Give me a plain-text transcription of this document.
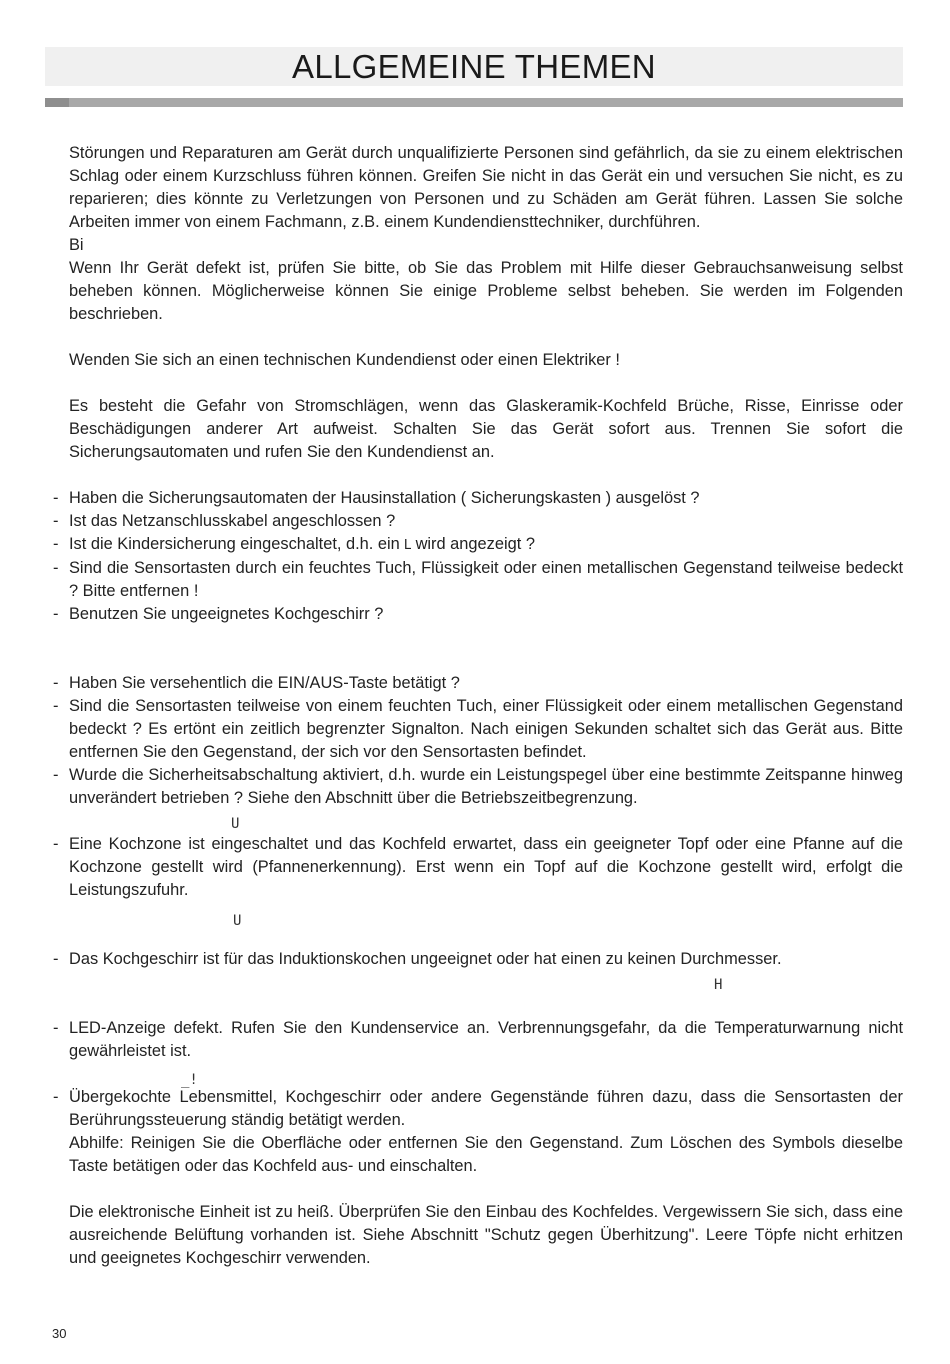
ALLGEMEINE THEMEN

Störungen und Reparaturen am Gerät durch unqualifizierte Personen sind gefährlich, da sie zu einem elektrischen Schlag oder einem Kurzschluss führen können. Greifen Sie nicht in das Gerät ein und versuchen Sie nicht, es zu reparieren; dies könnte zu Verletzungen von Personen und zu Schäden am Gerät führen. Lassen Sie solche Arbeiten immer von einem Fachmann, z.B. einem Kundendiensttechniker, durchführen.

Bi

Wenn Ihr Gerät defekt ist, prüfen Sie bitte, ob Sie das Problem mit Hilfe dieser Gebrauchsanweisung selbst beheben können. Möglicherweise können Sie einige Probleme selbst beheben. Sie werden im Folgenden beschrieben.

Wenden Sie sich an einen technischen Kundendienst oder einen Elektriker !

Es besteht die Gefahr von Stromschlägen, wenn das Glaskeramik-Kochfeld Brüche, Risse, Einrisse oder Beschädigungen anderer Art aufweist. Schalten Sie das Gerät sofort aus. Trennen Sie sofort die Sicherungsautomaten und rufen Sie den Kundendienst an.

- Haben die Sicherungsautomaten der Hausinstallation ( Sicherungskasten ) ausgelöst ?

- Ist das Netzanschlusskabel angeschlossen ?

- Ist die Kindersicherung eingeschaltet, d.h. ein L wird angezeigt ?

- Sind die Sensortasten durch ein feuchtes Tuch, Flüssigkeit oder einen metallischen Gegenstand teilweise bedeckt ? Bitte entfernen !

- Benutzen Sie ungeeignetes Kochgeschirr ?

- Haben Sie versehentlich die EIN/AUS-Taste betätigt ?

- Sind die Sensortasten teilweise von einem feuchten Tuch, einer Flüssigkeit oder einem metallischen Gegenstand bedeckt ? Es ertönt ein zeitlich begrenzter Signalton. Nach einigen Sekunden schaltet sich das Gerät aus. Bitte entfernen Sie den Gegenstand, der sich vor den Sensortasten befindet.

- Wurde die Sicherheitsabschaltung aktiviert, d.h. wurde ein Leistungspegel über eine bestimmte Zeitspanne hinweg unverändert betrieben ? Siehe den Abschnitt über die Betriebszeitbegrenzung.

U

- Eine Kochzone ist eingeschaltet und das Kochfeld erwartet, dass ein geeigneter Topf oder eine Pfanne auf die Kochzone gestellt wird (Pfannenerkennung). Erst wenn ein Topf auf die Kochzone gestellt wird, erfolgt die Leistungszufuhr.

U

- Das Kochgeschirr ist für das Induktionskochen ungeeignet oder hat einen zu keinen Durchmesser.

H

- LED-Anzeige defekt. Rufen Sie den Kundenservice an. Verbrennungsgefahr, da die Temperaturwarnung nicht gewährleistet ist.

_!

- Übergekochte Lebensmittel, Kochgeschirr oder andere Gegenstände führen dazu, dass die Sensortasten der Berührungssteuerung ständig betätigt werden.

Abhilfe: Reinigen Sie die Oberfläche oder entfernen Sie den Gegenstand. Zum Löschen des Symbols dieselbe Taste betätigen oder das Kochfeld aus- und einschalten.

Die elektronische Einheit ist zu heiß. Überprüfen Sie den Einbau des Kochfeldes. Vergewissern Sie sich, dass eine ausreichende Belüftung vorhanden ist. Siehe Abschnitt "Schutz gegen Überhitzung". Leere Töpfe nicht erhitzen und geeignetes Kochgeschirr verwenden.

30
